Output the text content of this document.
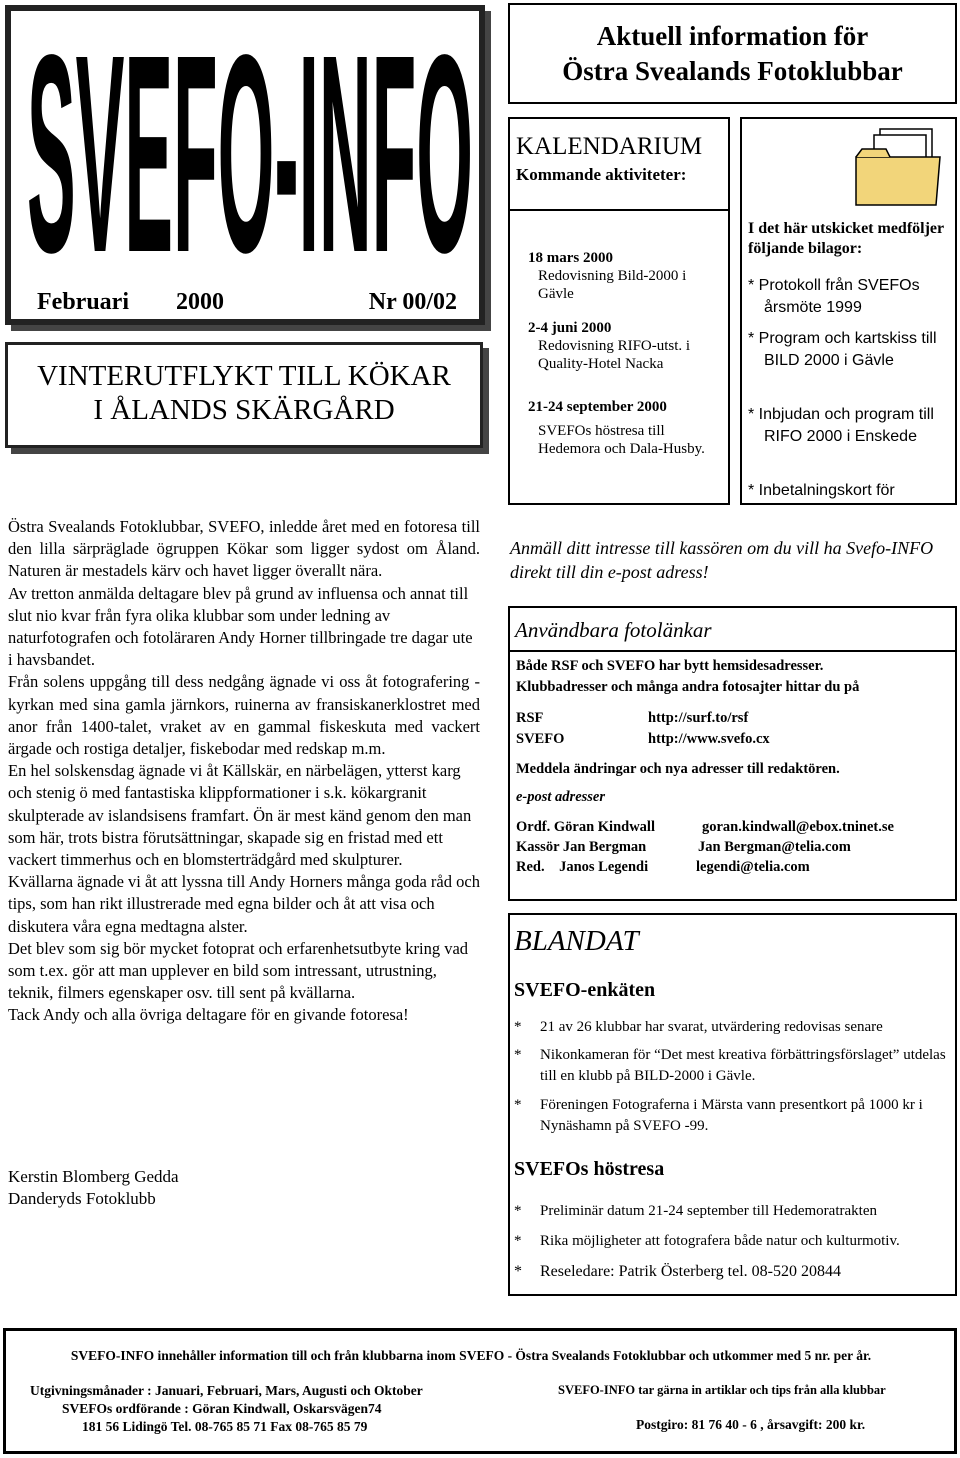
SVEFO-INFO
Februari 2000	Nr 00/02
VINTERUTFLYKT TILL KÖKAR
I ÅLANDS SKÄRGÅRD
Aktuell information för
Östra Svealands Fotoklubbar
KALENDARIUM
Kommande aktiviteter:
18 mars 2000
Redovisning Bild-2000 i Gävle
2-4 juni 2000
Redovisning RIFO-utst. i Quality-Hotel Nacka
21-24 september 2000
SVEFOs höstresa till Hedemora och Dala-Husby.
I det här utskicket medföljer följande bilagor:
* Protokoll från SVEFOs
årsmöte 1999
* Program och kartskiss till
BILD 2000 i Gävle
* Inbjudan och program till
RIFO 2000 i Enskede
* Inbetalningskort för

Östra Svealands Fotoklubbar, SVEFO, inledde året med en fotoresa till den lilla särpräglade ögruppen Kökar som ligger sydost om Åland. Naturen är mestadels kärv och havet ligger överallt nära.

Av tretton anmälda deltagare blev på grund av influensa och annat till slut nio kvar från fyra olika klubbar som under ledning av naturfotografen och fotoläraren Andy Horner tillbringade tre dagar ute i havsbandet.

Från solens uppgång till dess nedgång ägnade vi oss åt fotografering - kyrkan med sina gamla järnkors, ruinerna av fransiskanerklostret med anor från 1400-talet, vraket av en gammal fiskeskuta med vackert ärgade och rostiga detaljer, fiskebodar med redskap m.m.

En hel solskensdag ägnade vi åt Källskär, en närbelägen, ytterst karg och stenig ö med fantastiska klippformationer i s.k. kökargranit skulpterade av islandsisens framfart. Ön är mest känd genom den man som här, trots bistra förutsättningar, skapade sig en fristad med ett vackert timmerhus och en blomsterträdgård med skulpturer.

Kvällarna ägnade vi åt att lyssna till Andy Horners många goda råd och tips, som han rikt illustrerade med egna bilder och åt att visa och diskutera våra egna medtagna alster.

Det blev som sig bör mycket fotoprat och erfarenhetsutbyte kring vad som t.ex. gör att man upplever en bild som intressant, utrustning, teknik, filmers egenskaper osv. till sent på kvällarna.

Tack Andy och alla övriga deltagare för en givande fotoresa!

Kerstin Blomberg Gedda
Danderyds Fotoklubb
Anmäll ditt intresse till kassören om du vill ha Svefo-INFO direkt till din e-post adress!
Användbara fotolänkar
Både RSF och SVEFO har bytt hemsidesadresser.
Klubbadresser och många andra fotosajter hittar du på
RSF	http://surf.to/rsf
SVEFO	http://www.svefo.cx
Meddela ändringar och nya adresser till redaktören.
e-post adresser
Ordf. Göran Kindwall	goran.kindwall@ebox.tninet.se
Kassör Jan Bergman	Jan Bergman@telia.com
Red.    Janos Legendi	legendi@telia.com
BLANDAT
SVEFO-enkäten
*	21 av 26 klubbar har svarat, utvärdering redovisas senare
*	Nikonkameran för “Det mest kreativa förbättringsförslaget” utdelas till en klubb på BILD-2000 i Gävle.
*	Föreningen Fotograferna i Märsta vann presentkort på 1000 kr i Nynäshamn på SVEFO -99.
SVEFOs höstresa
*	Preliminär datum 21-24 september till Hedemoratrakten
*	Rika möjligheter att fotografera både natur och kulturmotiv.
*	Reseledare: Patrik Österberg tel. 08-520 20844
SVEFO-INFO innehåller information till och från klubbarna inom SVEFO - Östra Svealands Fotoklubbar och utkommer med 5 nr. per år.
Utgivningsmånader : Januari, Februari, Mars, Augusti och Oktober
SVEFOs ordförande : Göran Kindwall, Oskarsvägen74
181 56 Lidingö Tel. 08-765 85 71 Fax 08-765 85 79
SVEFO-INFO tar gärna in artiklar och tips från alla klubbar
Postgiro: 81 76 40 - 6 , årsavgift: 200 kr.
